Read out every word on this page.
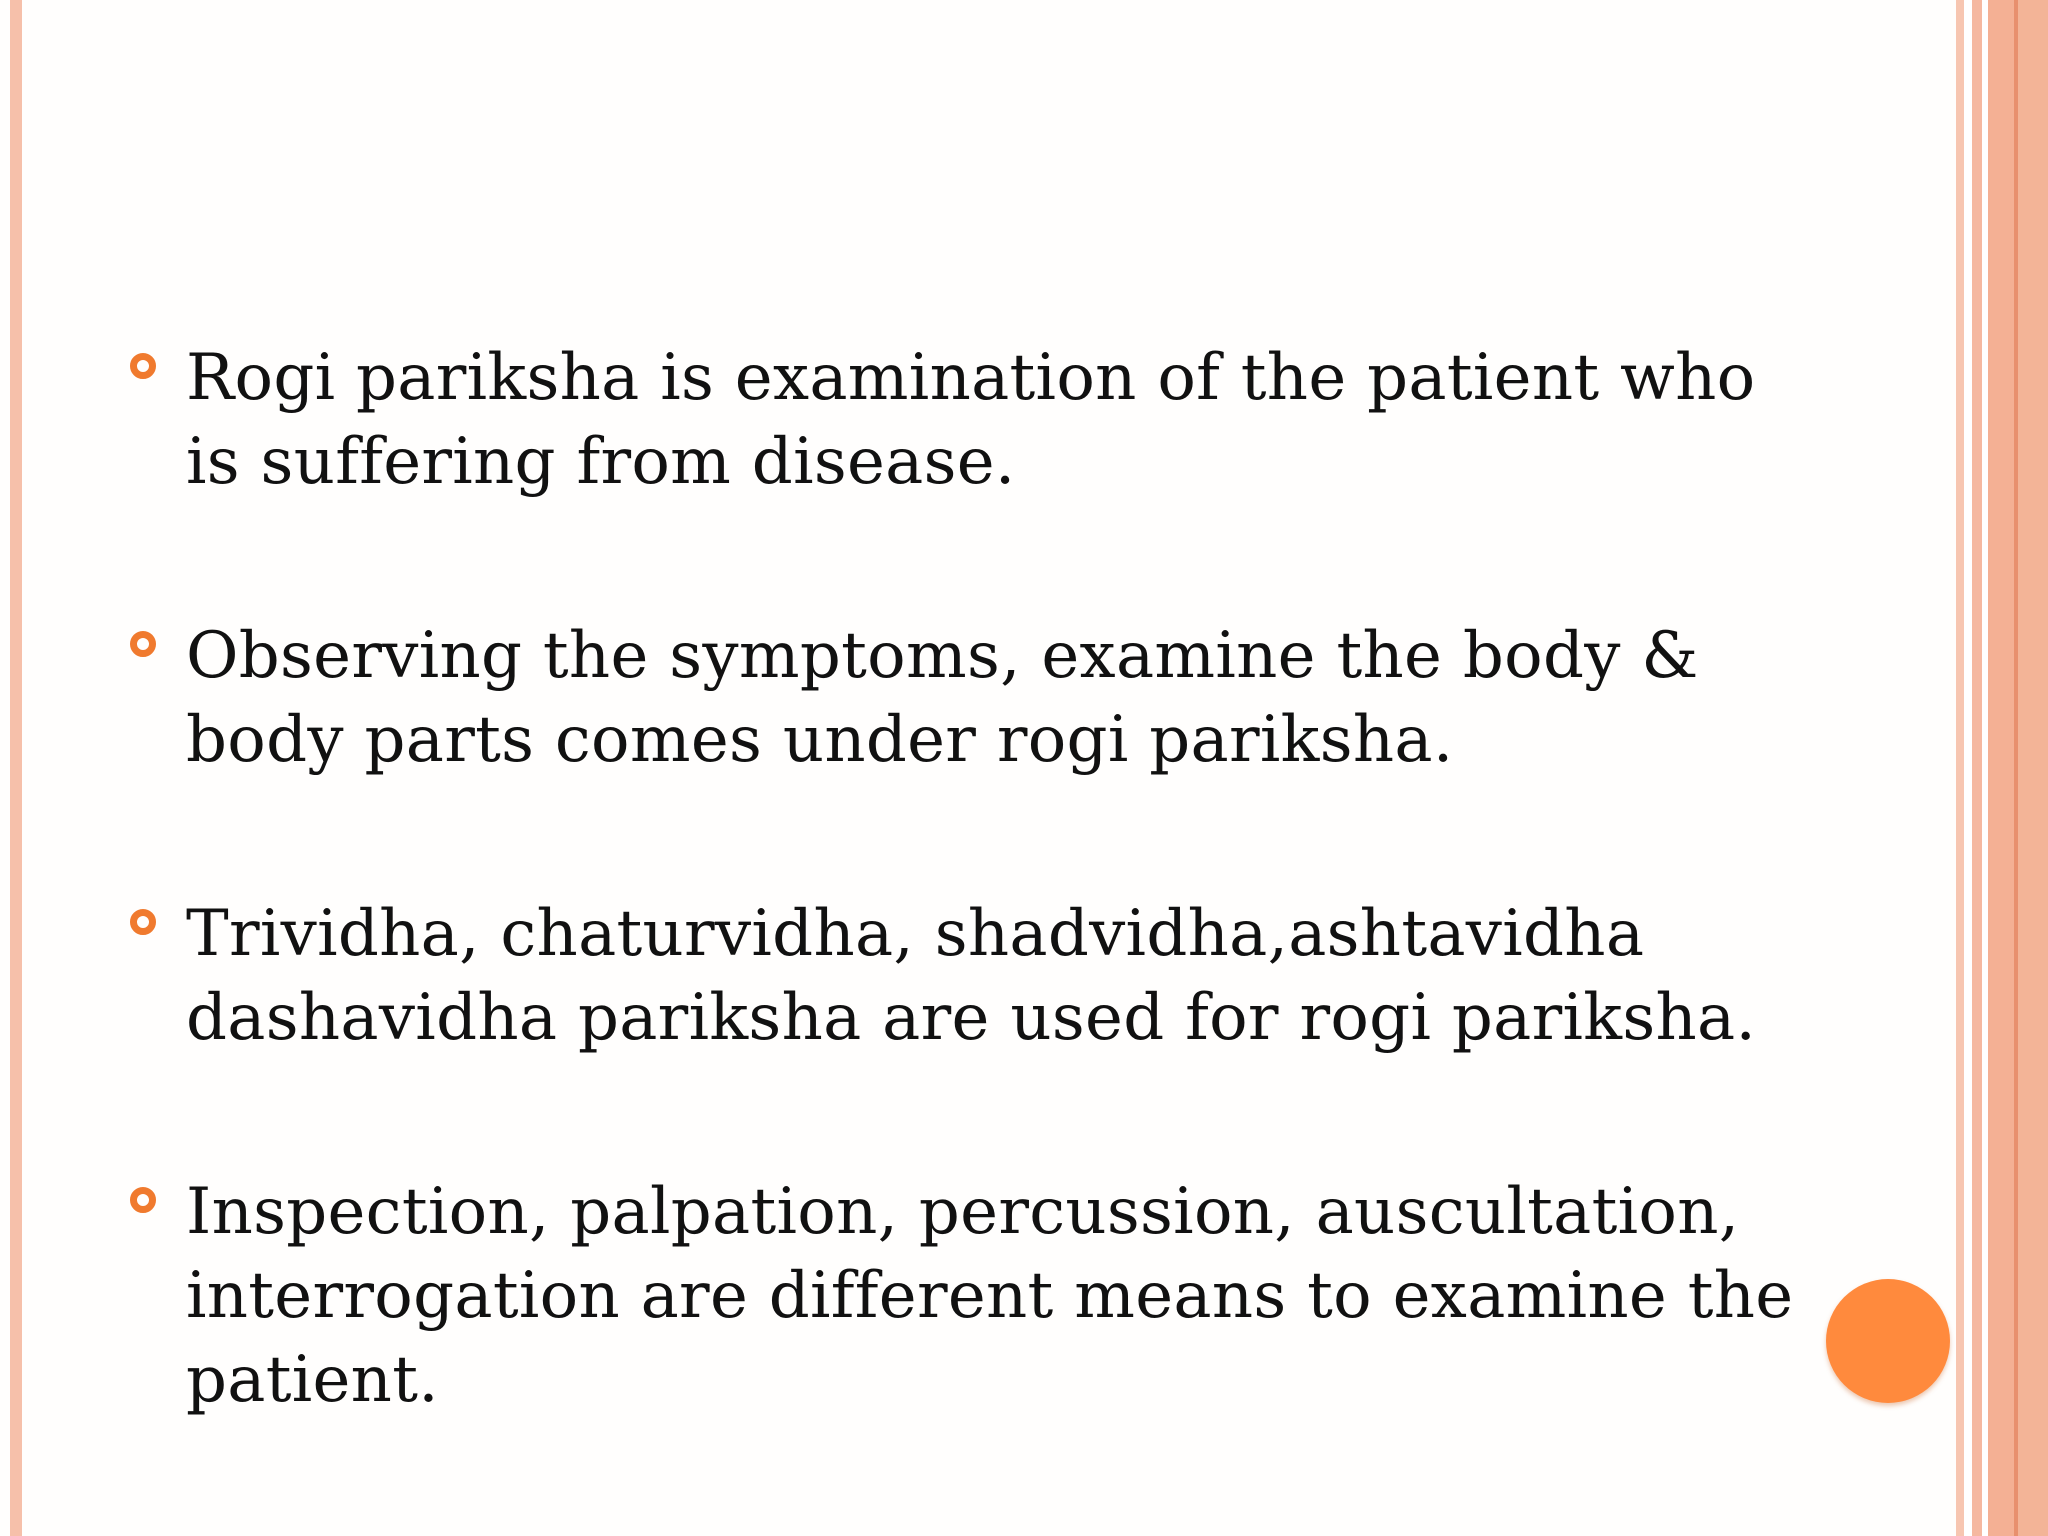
Rogi pariksha is examination of the patient who is suffering from disease.
Observing the symptoms, examine the body & body parts comes under rogi pariksha.
Trividha, chaturvidha, shadvidha,ashtavidha dashavidha pariksha are used for rogi pariksha.
Inspection, palpation, percussion, auscultation, interrogation are different means to examine the patient.
